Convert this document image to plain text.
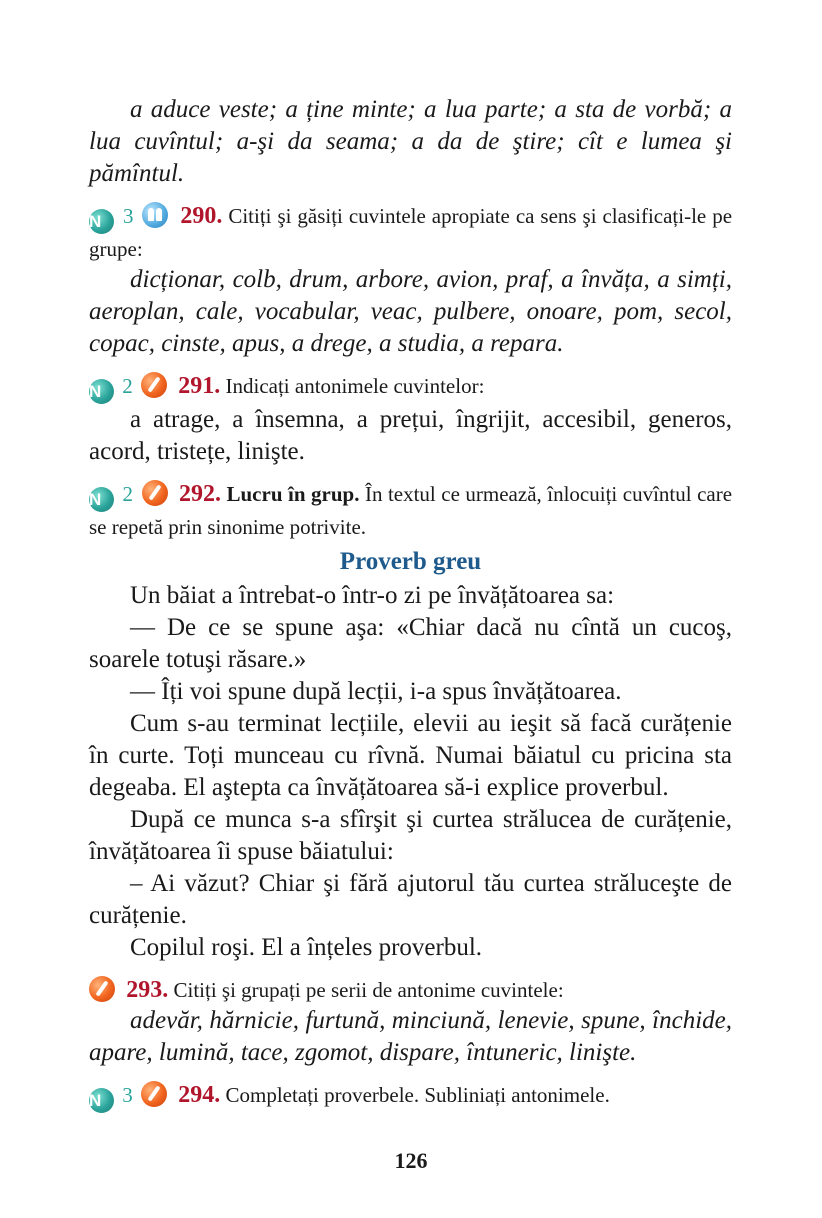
a aduce veste; a ține minte; a lua parte; a sta de vorbă; a lua cuvîntul; a-şi da seama; a da de ştire; cît e lumea şi pămîntul.

N 3 290. Citiți şi găsiți cuvintele apropiate ca sens şi clasificați-le pe grupe:

dicționar, colb, drum, arbore, avion, praf, a învăța, a simți, aeroplan, cale, vocabular, veac, pulbere, onoare, pom, secol, copac, cinste, apus, a drege, a studia, a repara.

N 2 291. Indicați antonimele cuvintelor:

a atrage, a însemna, a prețui, îngrijit, accesibil, generos, acord, tristețe, linişte.

N 2 292. Lucru în grup. În textul ce urmează, înlocuiți cuvîntul care se repetă prin sinonime potrivite.

Proverb greu

Un băiat a întrebat-o într-o zi pe învățătoarea sa:

— De ce se spune aşa: «Chiar dacă nu cîntă un cucoş, soarele totuşi răsare.»

— Îți voi spune după lecții, i-a spus învățătoarea.

Cum s-au terminat lecțiile, elevii au ieşit să facă curățenie în curte. Toți munceau cu rîvnă. Numai băiatul cu pricina sta degeaba. El aştepta ca învățătoarea să-i explice proverbul.

După ce munca s-a sfîrşit şi curtea strălucea de curățenie, învățătoarea îi spuse băiatului:

– Ai văzut? Chiar şi fără ajutorul tău curtea străluceşte de curățenie.

Copilul roşi. El a înțeles proverbul.

293. Citiți şi grupați pe serii de antonime cuvintele:

adevăr, hărnicie, furtună, minciună, lenevie, spune, închide, apare, lumină, tace, zgomot, dispare, întuneric, linişte.

N 3 294. Completați proverbele. Subliniați antonimele.

126
